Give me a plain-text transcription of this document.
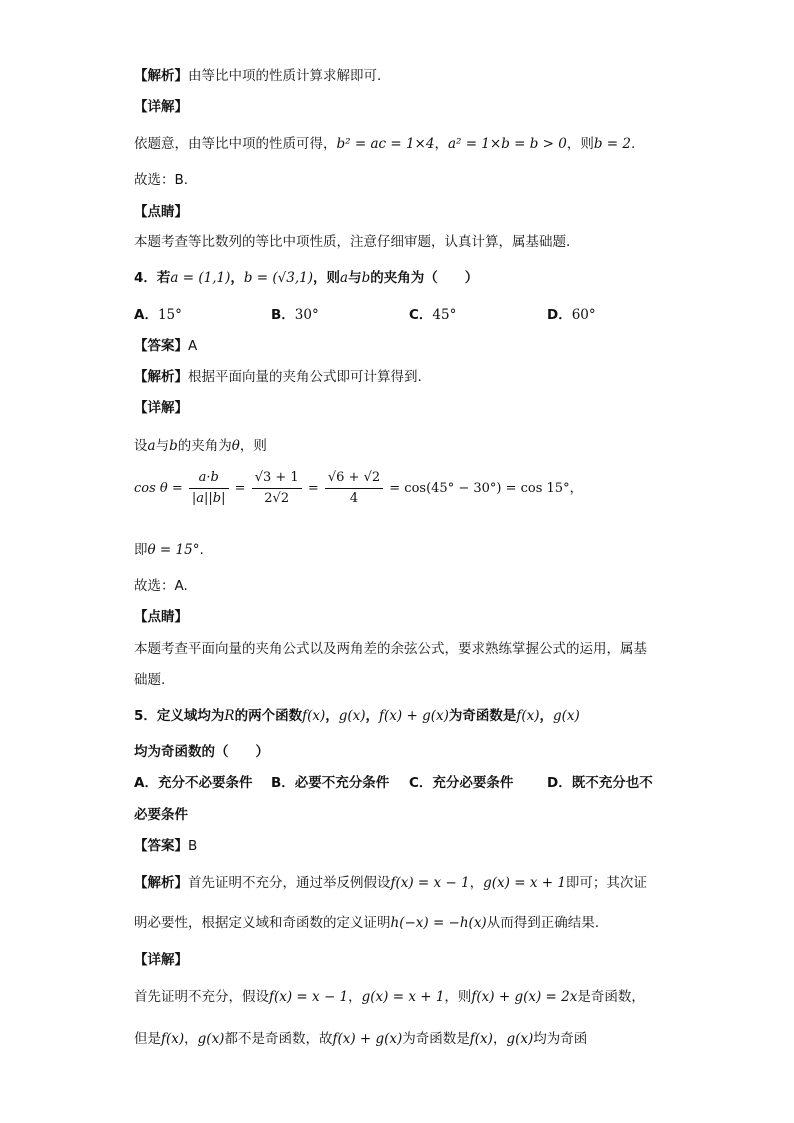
【解析】由等比中项的性质计算求解即可.
【详解】
依题意，由等比中项的性质可得，b² = ac = 1×4，a² = 1×b = b > 0，则b = 2.
故选：B.
【点睛】
本题考查等比数列的等比中项性质，注意仔细审题，认真计算，属基础题.
4．若a = (1,1)，b = (√3,1)，则a与b的夹角为（　　）
A．15°	B．30°	C．45°	D．60°
【答案】A
【解析】根据平面向量的夹角公式即可计算得到.
【详解】
设a与b的夹角为θ，则
$\cos \theta = \frac{a\cdot b}{|a||b|} = \frac{√3 + 1}{2√2} = \frac{√6 + √2}{4} = \cos(45^\circ - 30^\circ) = \cos 15^\circ$，
即θ = 15°.
故选：A.
【点睛】
本题考查平面向量的夹角公式以及两角差的余弦公式，要求熟练掌握公式的运用，属基
础题.
5．定义域均为R的两个函数f(x)，g(x)，f(x) + g(x)为奇函数是f(x)，g(x)
均为奇函数的（　　）
A．充分不必要条件 B．必要不充分条件 C．充分必要条件 D．既不充分也不
必要条件
【答案】B
【解析】首先证明不充分，通过举反例假设f(x) = x − 1，g(x) = x + 1即可；其次证
明必要性，根据定义域和奇函数的定义证明h(−x) = −h(x)从而得到正确结果.
【详解】
首先证明不充分，假设f(x) = x − 1，g(x) = x + 1，则f(x) + g(x) = 2x是奇函数，
但是f(x)，g(x)都不是奇函数，故f(x) + g(x)为奇函数是f(x)，g(x)均为奇函
